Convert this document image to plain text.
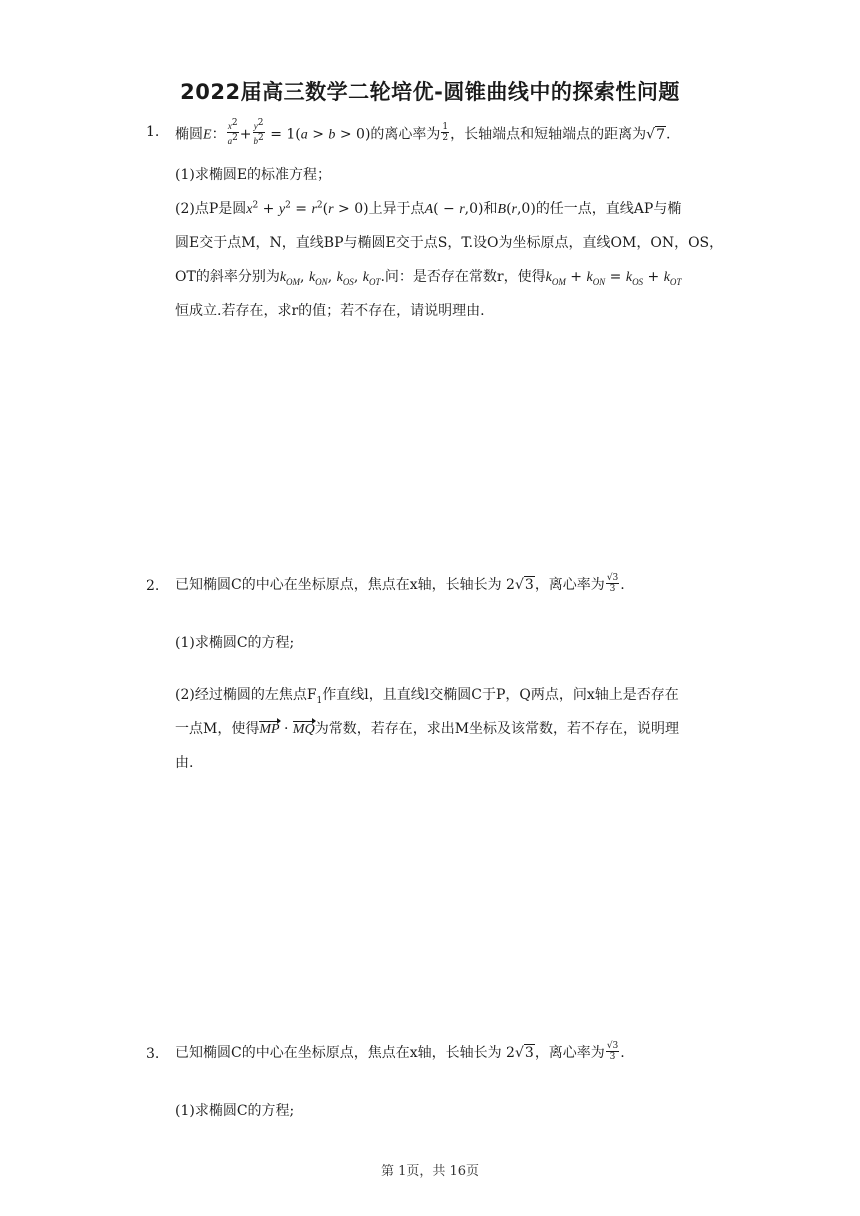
2022届高三数学二轮培优-圆锥曲线中的探索性问题
1. 椭圆E： $\frac{x^2}{a^2} + \frac{y^2}{b^2} = 1(a > b > 0)$的离心率为 $\frac{1}{2}$ ，长轴端点和短轴端点的距离为√7.
(1)求椭圆E的标准方程；
(2)点P是圆$x^2 + y^2 = r^2(r > 0)$上异于点A( − r,0)和B(r,0)的任一点，直线AP与椭
圆E交于点M，N，直线BP与椭圆E交于点S，T.设O为坐标原点，直线OM，ON，OS，
OT的斜率分别为$k_{OM}$, $k_{ON}$, $k_{OS}$, $k_{OT}$.问：是否存在常数r，使得$k_{OM} + k_{ON} = k_{OS} + k_{OT}$
恒成立.若存在，求r的值；若不存在，请说明理由.
2. 已知椭圆C的中心在坐标原点，焦点在x轴，长轴长为 2√3，离心率为 $\frac{√3}{3}$ .
(1)求椭圆C的方程;
(2)经过椭圆的左焦点$F_1$作直线l，且直线l交椭圆C于P，Q两点，问x轴上是否存在
一点M，使得MP · MQ为常数，若存在，求出M坐标及该常数，若不存在，说明理
由.
3. 已知椭圆C的中心在坐标原点，焦点在x轴，长轴长为 2√3，离心率为 $\frac{√3}{3}$ .
(1)求椭圆C的方程;
第 1页，共 16页
